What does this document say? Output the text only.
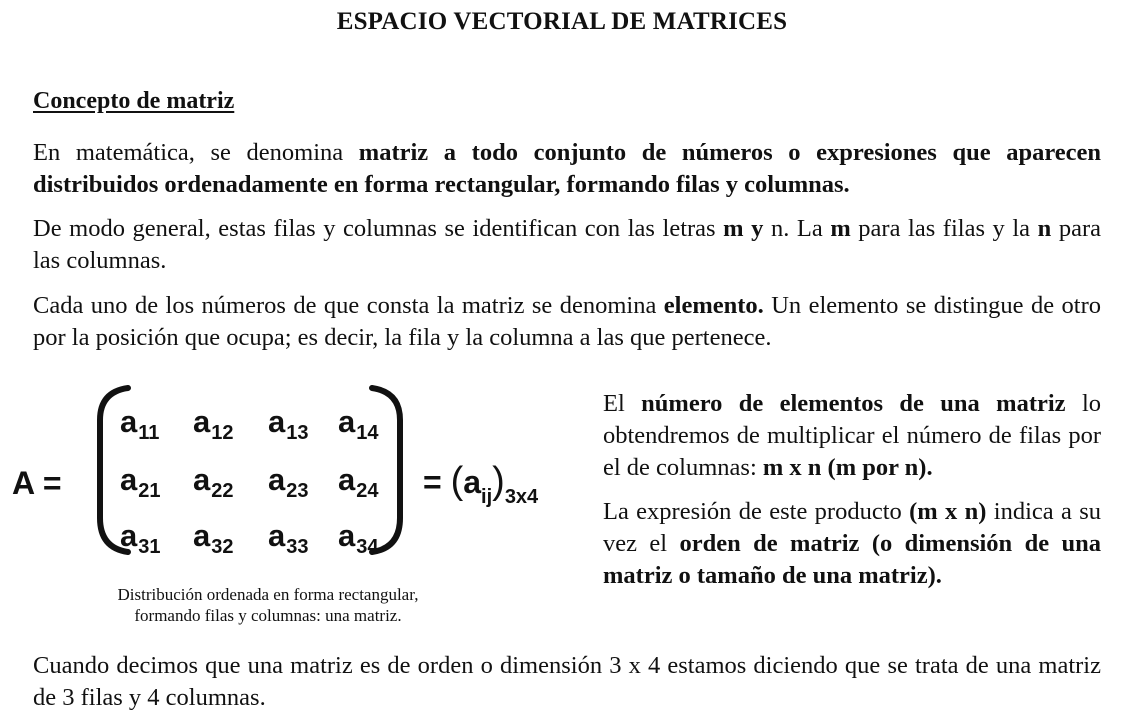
ESPACIO VECTORIAL DE MATRICES
Concepto de matriz
En matemática, se denomina matriz a todo conjunto de números o expresiones que aparecen distribuidos ordenadamente en forma rectangular, formando filas y columnas.
De modo general, estas filas y columnas se identifican con las letras m y n. La m para las filas y la n para las columnas.
Cada uno de los números de que consta la matriz se denomina elemento. Un elemento se distingue de otro por la posición que ocupa; es decir, la fila y la columna a las que pertenece.
A =
$a_{11}$ $a_{12}$ $a_{13}$ $a_{14}$
$a_{21}$ $a_{22}$ $a_{23}$ $a_{24}$
$a_{31}$ $a_{32}$ $a_{33}$ $a_{34}$
= $(a_{ij})_{3x4}$
Distribución ordenada en forma rectangular,
formando filas y columnas: una matriz.
El número de elementos de una matriz lo obtendremos de multiplicar el número de filas por el de columnas: m x n (m por n).
La expresión de este producto (m x n) indica a su vez el orden de matriz (o dimensión de una matriz o tamaño de una matriz).
Cuando decimos que una matriz es de orden o dimensión 3 x 4 estamos diciendo que se trata de una matriz de 3 filas y 4 columnas.
